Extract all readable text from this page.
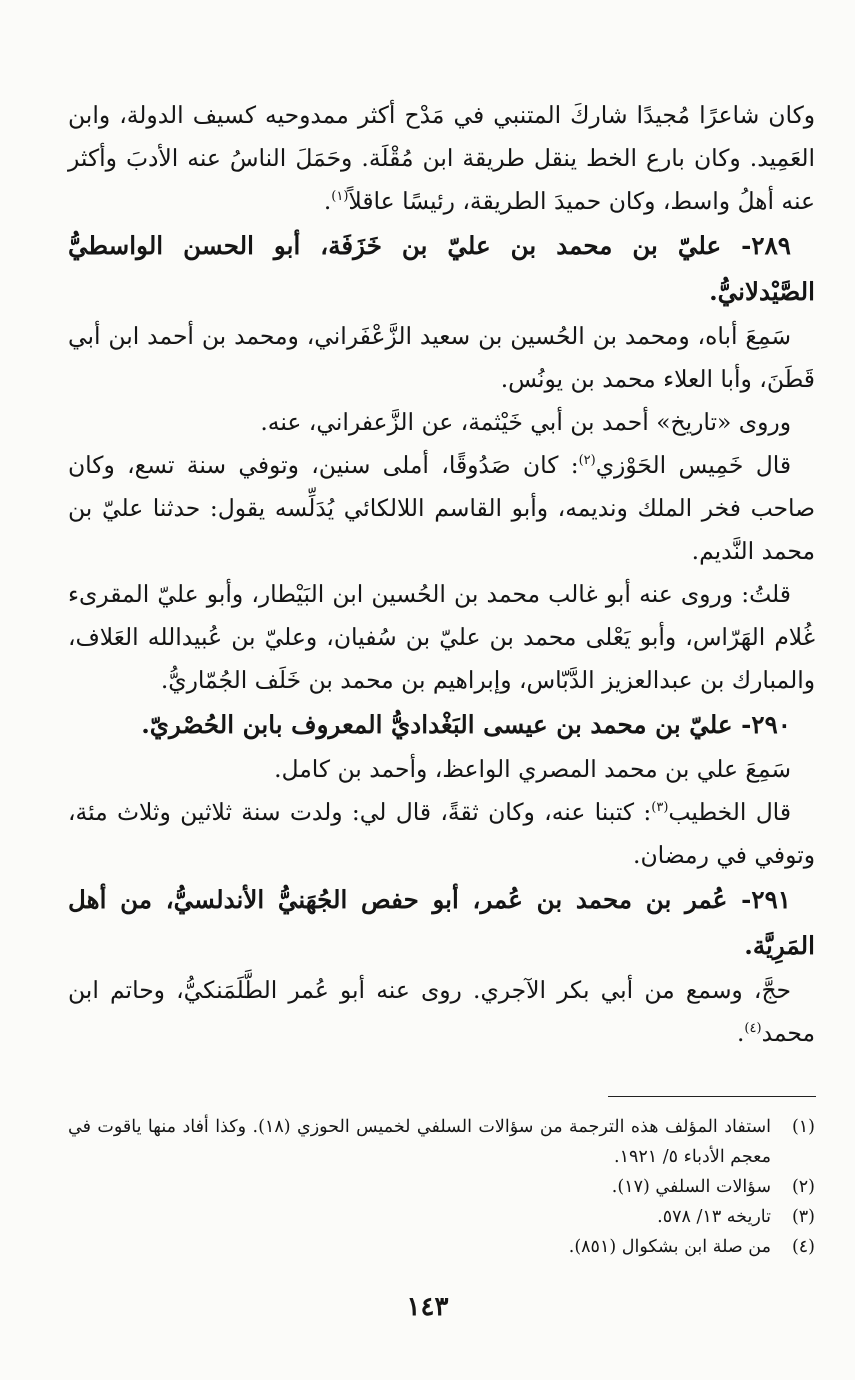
وكان شاعرًا مُجيدًا شاركَ المتنبي في مَدْح أكثر ممدوحيه كسيف الدولة، وابن العَمِيد. وكان بارع الخط ينقل طريقة ابن مُقْلَة. وحَمَلَ الناسُ عنه الأدبَ وأكثر عنه أهلُ واسط، وكان حميدَ الطريقة، رئيسًا عاقلاً$^{(١)}$.

٢٨٩- عليّ بن محمد بن عليّ بن خَزَفَة، أبو الحسن الواسطيُّ الصَّيْدلانيُّ.

سَمِعَ أباه، ومحمد بن الحُسين بن سعيد الزَّعْفَراني، ومحمد بن أحمد ابن أبي قَطَنَ، وأبا العلاء محمد بن يونُس.

وروى «تاريخ» أحمد بن أبي خَيْثمة، عن الزَّعفراني، عنه.

قال خَمِيس الحَوْزي$^{(٢)}$: كان صَدُوقًا، أملى سنين، وتوفي سنة تسع، وكان صاحب فخر الملك ونديمه، وأبو القاسم اللالكائي يُدَلِّسه يقول: حدثنا عليّ بن محمد النَّديم.

قلتُ: وروى عنه أبو غالب محمد بن الحُسين ابن البَيْطار، وأبو عليّ المقرىء غُلام الهَرّاس، وأبو يَعْلى محمد بن عليّ بن سُفيان، وعليّ بن عُبيدالله العَلاف، والمبارك بن عبدالعزيز الدَّبّاس، وإبراهيم بن محمد بن خَلَف الجُمّاريُّ.

٢٩٠- عليّ بن محمد بن عيسى البَغْداديُّ المعروف بابن الحُصْريّ.

سَمِعَ علي بن محمد المصري الواعظ، وأحمد بن كامل.

قال الخطيب$^{(٣)}$: كتبنا عنه، وكان ثقةً، قال لي: ولدت سنة ثلاثين وثلاث مئة، وتوفي في رمضان.

٢٩١- عُمر بن محمد بن عُمر، أبو حفص الجُهَنيُّ الأندلسيُّ، من أهل المَرِيَّة.

حجَّ، وسمع من أبي بكر الآجري. روى عنه أبو عُمر الطَّلَمَنكيُّ، وحاتم ابن محمد$^{(٤)}$.

(١)
استفاد المؤلف هذه الترجمة من سؤالات السلفي لخميس الحوزي (١٨). وكذا أفاد منها ياقوت في معجم الأدباء ٥/ ١٩٢١.
(٢)
سؤالات السلفي (١٧).
(٣)
تاريخه ١٣/ ٥٧٨.
(٤)
من صلة ابن بشكوال (٨٥١).
١٤٣
